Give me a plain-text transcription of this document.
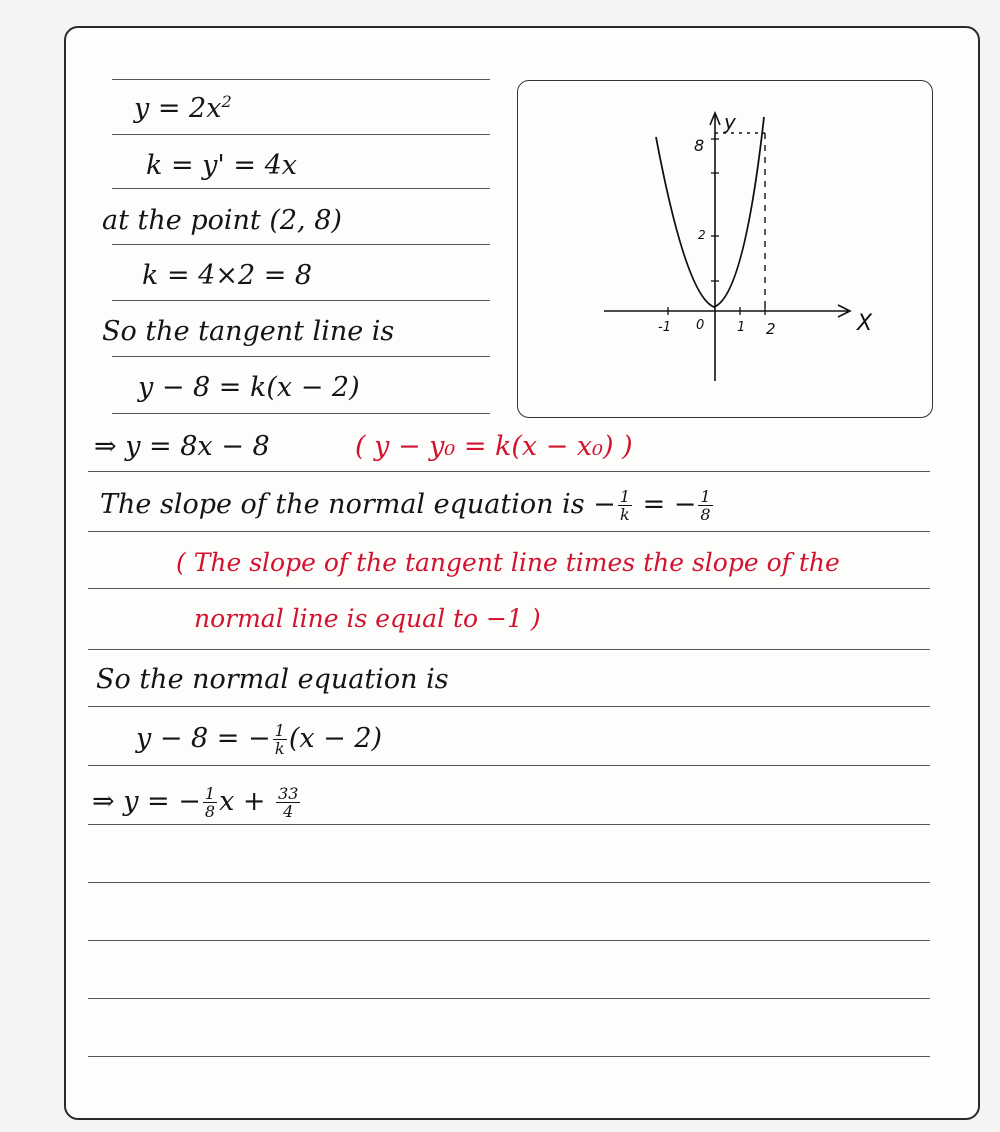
$y = 2x^2$
k = y' = 4x
at the point (2, 8)
k = 4×2 = 8
So the tangent line is
y − 8 = k(x − 2)
⇒ y = 8x − 8	( y − y₀ = k(x − x₀) )
The slope of the normal equation is − $\frac{1}{k}$ = − $\frac{1}{8}$
( The slope of the tangent line times the slope of the
normal line is equal to −1 )
So the normal equation is
y − 8 = − $\frac{1}{k} (x - 2)$
⇒ y = − $\frac{1}{8}$ $x + \frac{33}{4}$
y
X
-1 0	1 2
2
8
